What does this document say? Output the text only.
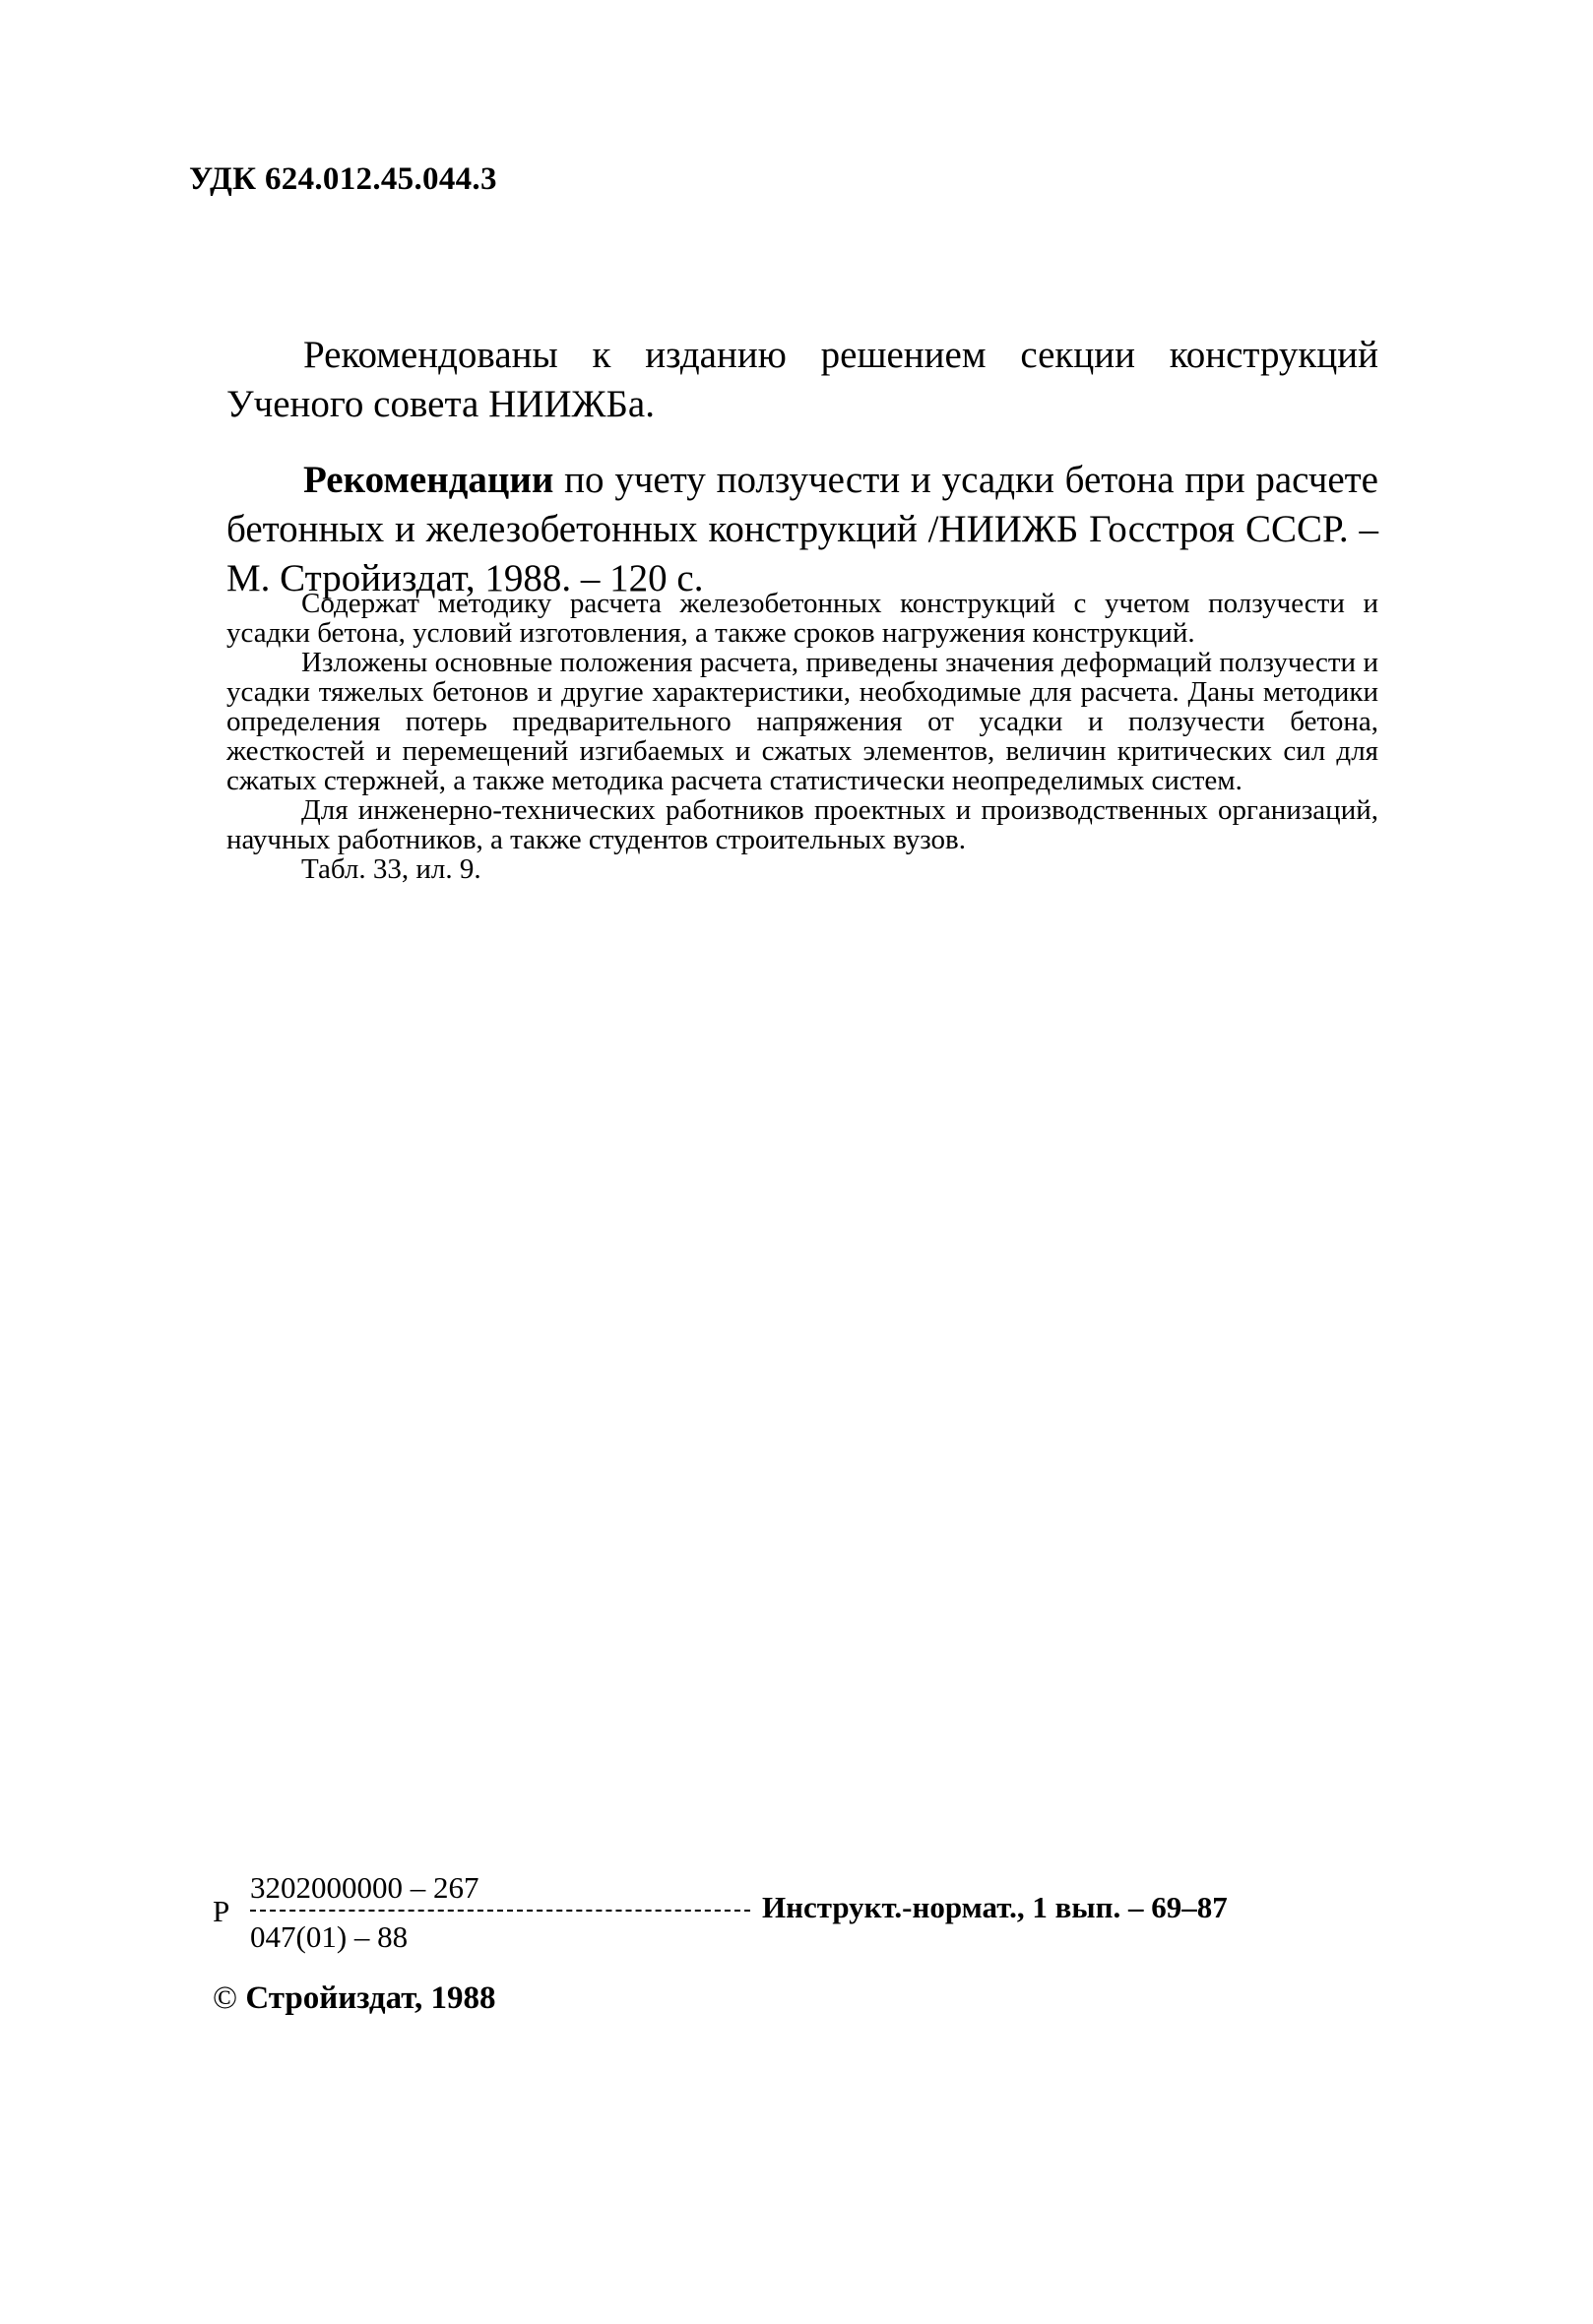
УДК 624.012.45.044.3
Рекомендованы к изданию решением секции конструкций
Ученого совета НИИЖБа.
Рекомендации по учету ползучести и усадки бетона при расчете бетонных и железобетонных конструкций /НИИЖБ Госстроя СССР. – М. Стройиздат, 1988. – 120 с.

Содержат методику расчета железобетонных конструкций с учетом ползучести и усадки бетона, условий изготовления, а также сроков нагружения конструкций.

Изложены основные положения расчета, приведены значения деформаций ползучести и усадки тяжелых бетонов и другие характеристики, необходимые для расчета. Даны методики определения потерь предварительного напряжения от усадки и ползучести бетона, жесткостей и перемещений изгибаемых и сжатых элементов, величин критических сил для сжатых стержней, а также методика расчета статистически неопределимых систем.

Для инженерно-технических работников проектных и производственных организаций, научных работников, а также студентов строительных вузов.

Табл. 33, ил. 9.

Р
3202000000 – 267
047(01) – 88
Инструкт.-нормат., 1 вып. – 69–87
© Стройиздат, 1988
